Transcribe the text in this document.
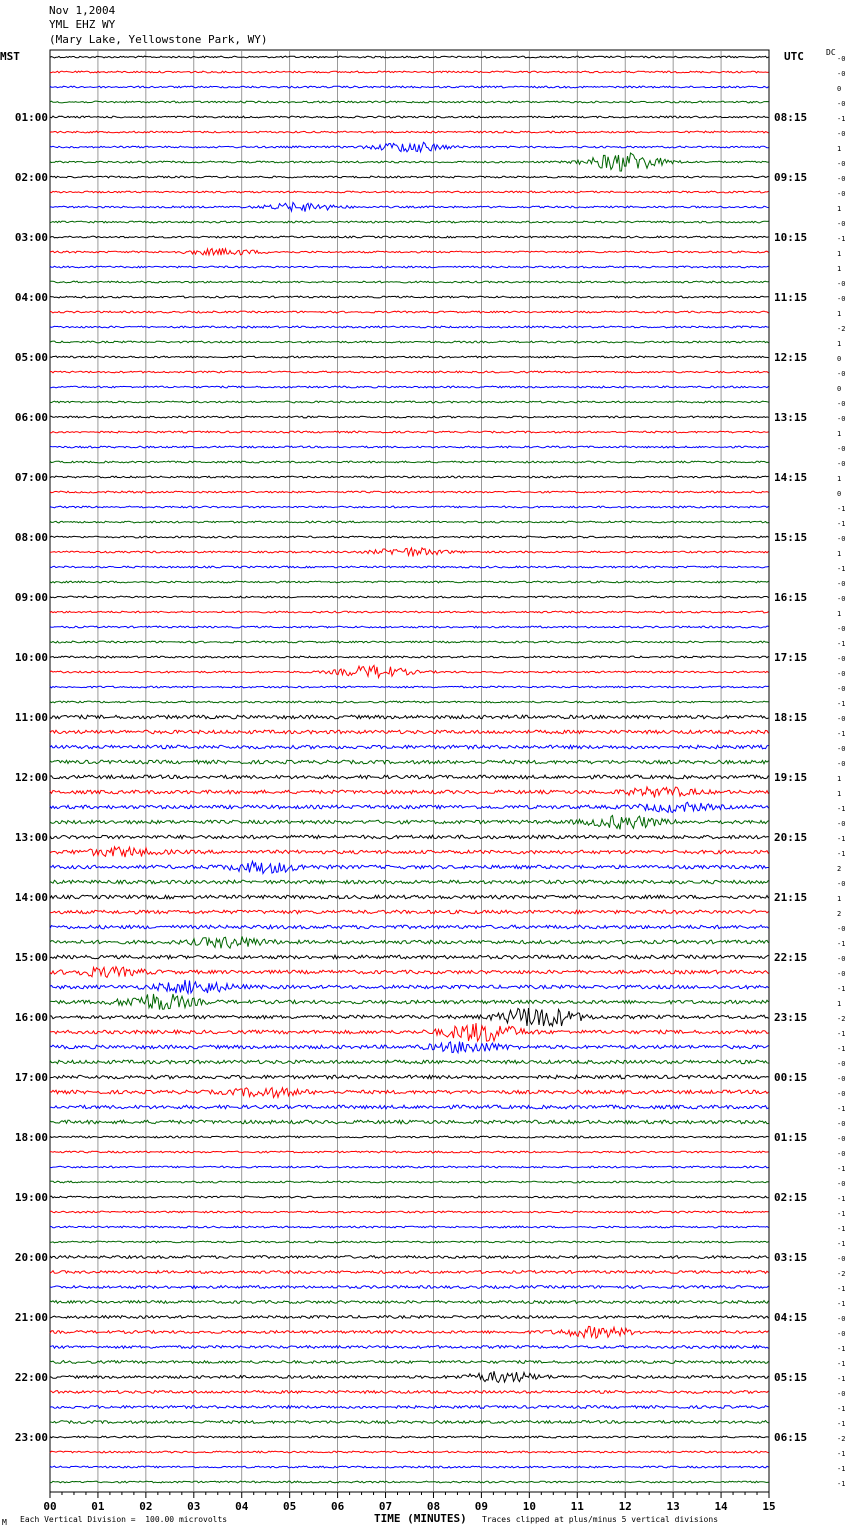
Nov 1,2004
YML EHZ WY
(Mary Lake, Yellowstone Park, WY)
MST	UTC	DC
00	01	02	03	04	05	06	07	08	09	10	11	12	13	14	15
-0
-0
0
-0
-1
01:00	08:15
-0
1
-0
-0
02:00	09:15
-0
1
-0
-1
03:00	10:15
1
1
-0
-0
04:00	11:15
1
-2
1
0
05:00	12:15
-0
0
-0
-0
06:00	13:15
1
-0
-0
1
07:00	14:15
0
-1
-1
-0
08:00	15:15
1
-1
-0
-0
09:00	16:15
1
-0
-1
-0
10:00	17:15
-0
-0
-1
-0
11:00	18:15
-1
-0
-0
1
12:00	19:15
1
-1
-0
-1
13:00	20:15
-1
2
-0
1
14:00	21:15
2
-0
-1
-0
15:00	22:15
-0
-1
1
-2
16:00	23:15
-1
-1
-0
-0
17:00	00:15
-0
-1
-0
-0
18:00	01:15
-0
-1
-0
-1
19:00	02:15
-1
-1
-1
-0
20:00	03:15
-2
-1
-1
-0
21:00	04:15
-0
-1
-1
-1
22:00	05:15
-0
-1
-1
-2
23:00	06:15
-1
-1
-1
M Each Vertical Division =  100.00 microvolts	TIME (MINUTES) Traces clipped at plus/minus 5 vertical divisions
